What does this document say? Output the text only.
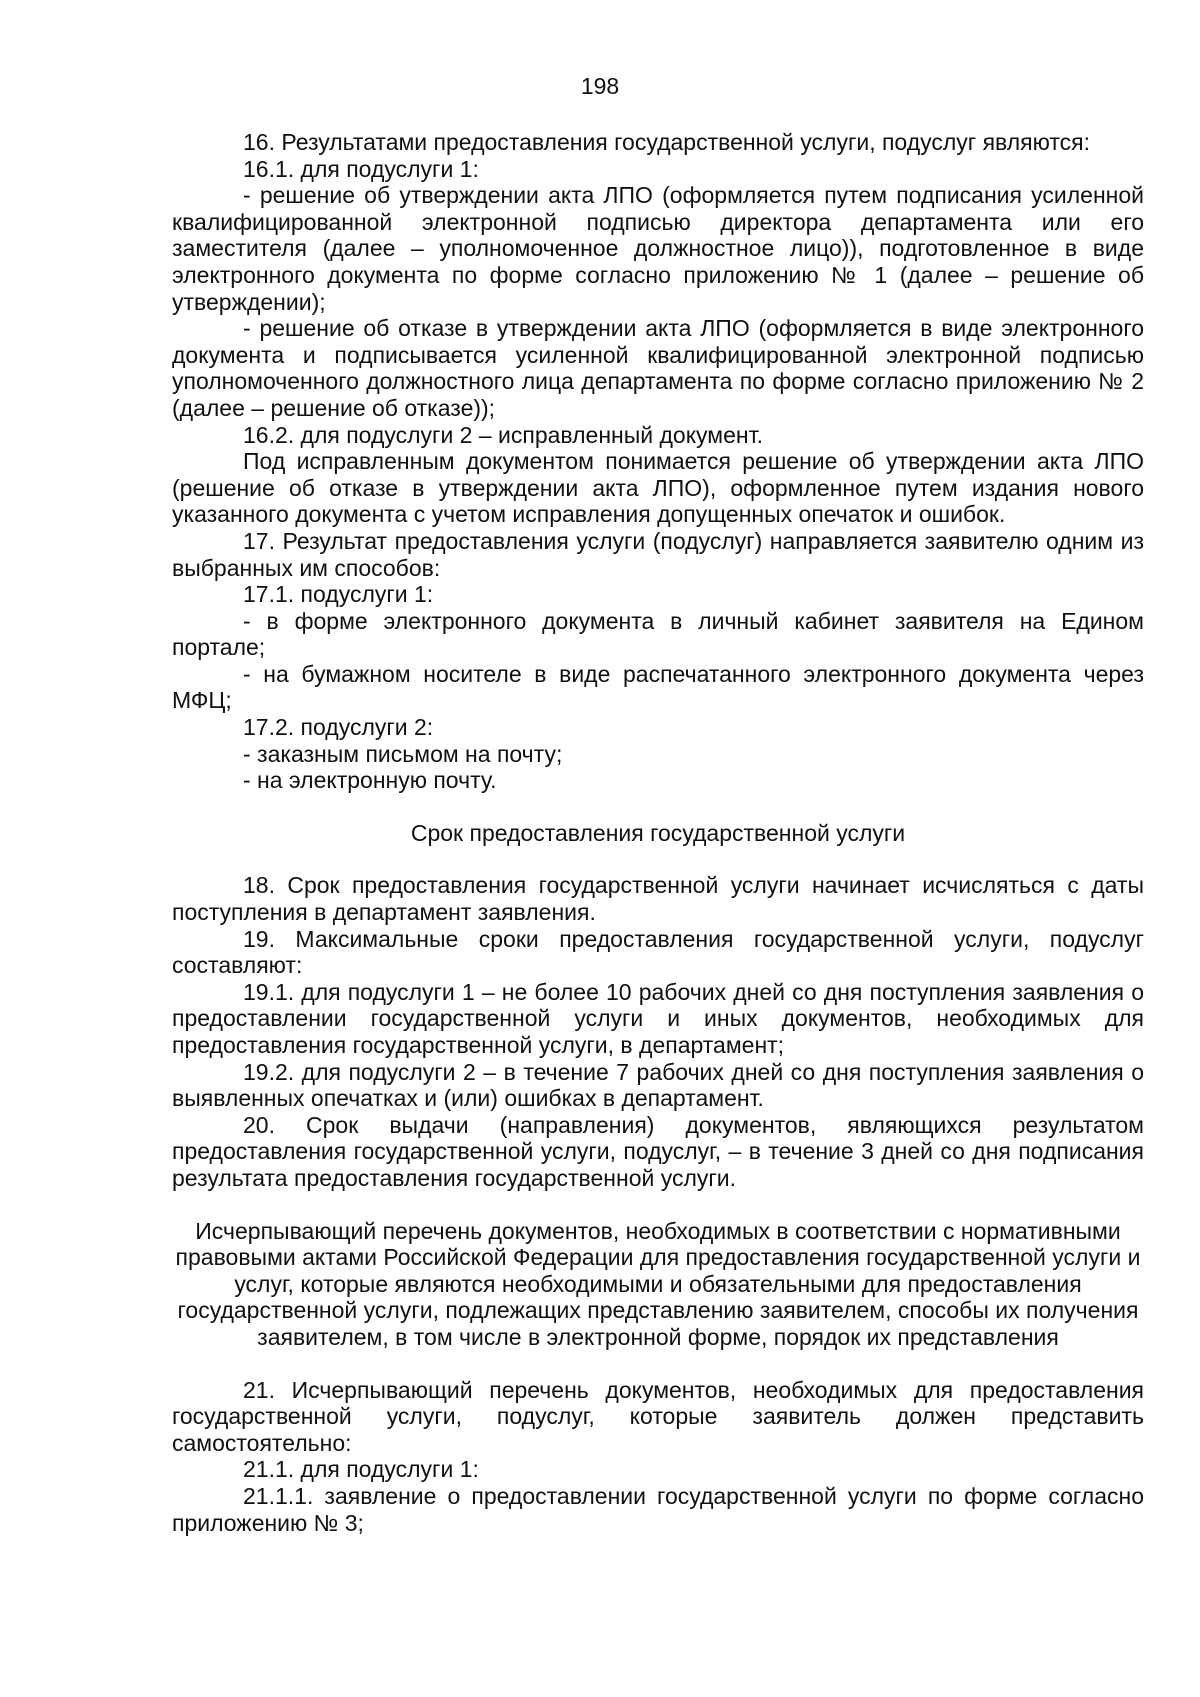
198

16. Результатами предоставления государственной услуги, подуслуг являются:

16.1. для подуслуги 1:

- решение об утверждении акта ЛПО (оформляется путем подписания усиленной квалифицированной электронной подписью директора департамента или его заместителя (далее – уполномоченное должностное лицо)), подготовленное в виде электронного документа по форме согласно приложению № 1 (далее – решение об утверждении);

- решение об отказе в утверждении акта ЛПО (оформляется в виде электронного документа и подписывается усиленной квалифицированной электронной подписью уполномоченного должностного лица департамента по форме согласно приложению № 2 (далее – решение об отказе));

16.2. для подуслуги 2 – исправленный документ.

Под исправленным документом понимается решение об утверждении акта ЛПО (решение об отказе в утверждении акта ЛПО), оформленное путем издания нового указанного документа с учетом исправления допущенных опечаток и ошибок.

17. Результат предоставления услуги (подуслуг) направляется заявителю одним из выбранных им способов:

17.1. подуслуги 1:

- в форме электронного документа в личный кабинет заявителя на Едином портале;

- на бумажном носителе в виде распечатанного электронного документа через МФЦ;

17.2. подуслуги 2:

- заказным письмом на почту;

- на электронную почту.

Срок предоставления государственной услуги

18. Срок предоставления государственной услуги начинает исчисляться с даты поступления в департамент заявления.

19. Максимальные сроки предоставления государственной услуги, подуслуг составляют:

19.1. для подуслуги 1 – не более 10 рабочих дней со дня поступления заявления о предоставлении государственной услуги и иных документов, необходимых для предоставления государственной услуги, в департамент;

19.2. для подуслуги 2 – в течение 7 рабочих дней со дня поступления заявления о выявленных опечатках и (или) ошибках в департамент.

20. Срок выдачи (направления) документов, являющихся результатом предоставления государственной услуги, подуслуг, – в течение 3 дней со дня подписания результата предоставления государственной услуги.

Исчерпывающий перечень документов, необходимых в соответствии с нормативными правовыми актами Российской Федерации для предоставления государственной услуги и услуг, которые являются необходимыми и обязательными для предоставления государственной услуги, подлежащих представлению заявителем, способы их получения заявителем, в том числе в электронной форме, порядок их представления

21. Исчерпывающий перечень документов, необходимых для предоставления государственной услуги, подуслуг, которые заявитель должен представить самостоятельно:

21.1. для подуслуги 1:

21.1.1. заявление о предоставлении государственной услуги по форме согласно приложению № 3;
